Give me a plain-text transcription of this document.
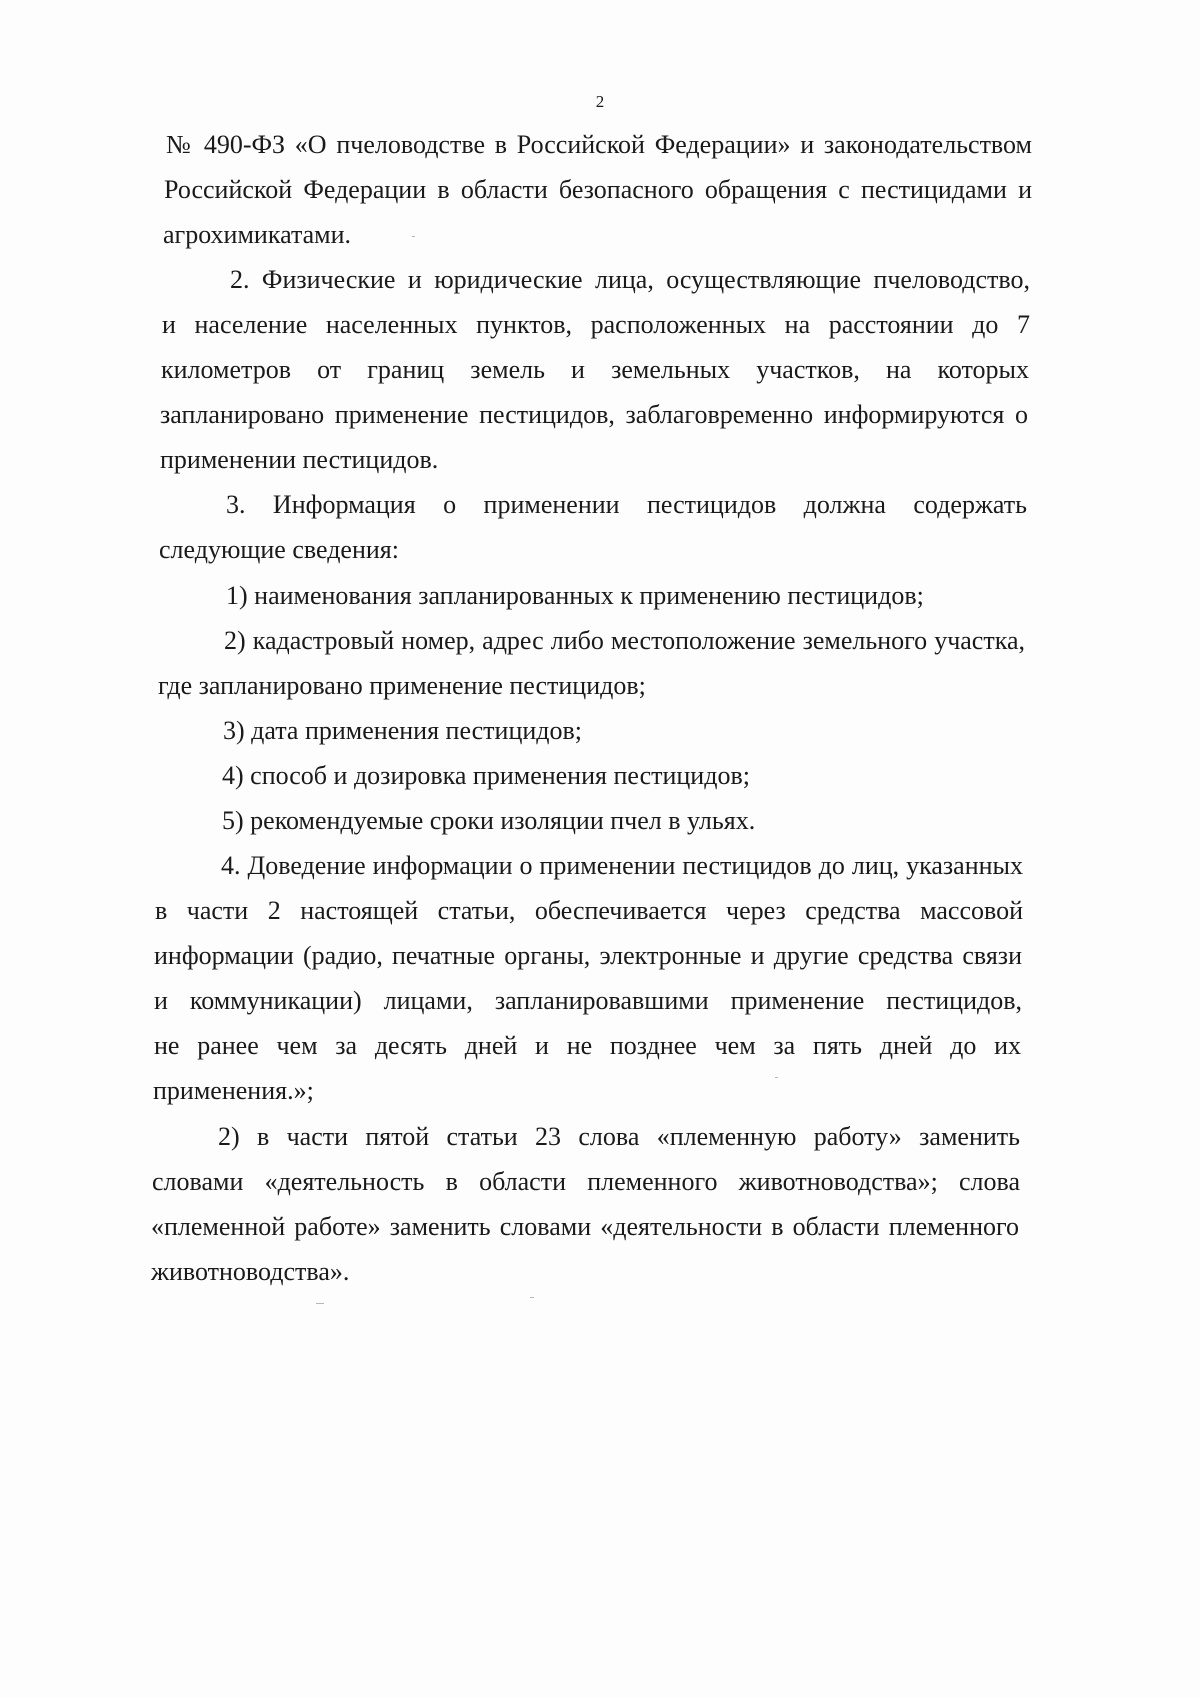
2
№ 490-ФЗ «О пчеловодстве в Российской Федерации» и законодательством
Российской Федерации в области безопасного обращения с пестицидами и
агрохимикатами.
2. Физические и юридические лица, осуществляющие пчеловодство,
и население населенных пунктов, расположенных на расстоянии до 7
километров от границ земель и земельных участков, на которых
запланировано применение пестицидов, заблаговременно информируются о
применении пестицидов.
3. Информация о применении пестицидов должна содержать
следующие сведения:
1) наименования запланированных к применению пестицидов;
2) кадастровый номер, адрес либо местоположение земельного участка,
где запланировано применение пестицидов;
3) дата применения пестицидов;
4) способ и дозировка применения пестицидов;
5) рекомендуемые сроки изоляции пчел в ульях.
4. Доведение информации о применении пестицидов до лиц, указанных
в части 2 настоящей статьи, обеспечивается через средства массовой
информации (радио, печатные органы, электронные и другие средства связи
и коммуникации) лицами, запланировавшими применение пестицидов,
не ранее чем за десять дней и не позднее чем за пять дней до их
применения.»;
2) в части пятой статьи 23 слова «племенную работу» заменить
словами «деятельность в области племенного животноводства»; слова
«племенной работе» заменить словами «деятельности в области племенного
животноводства».
